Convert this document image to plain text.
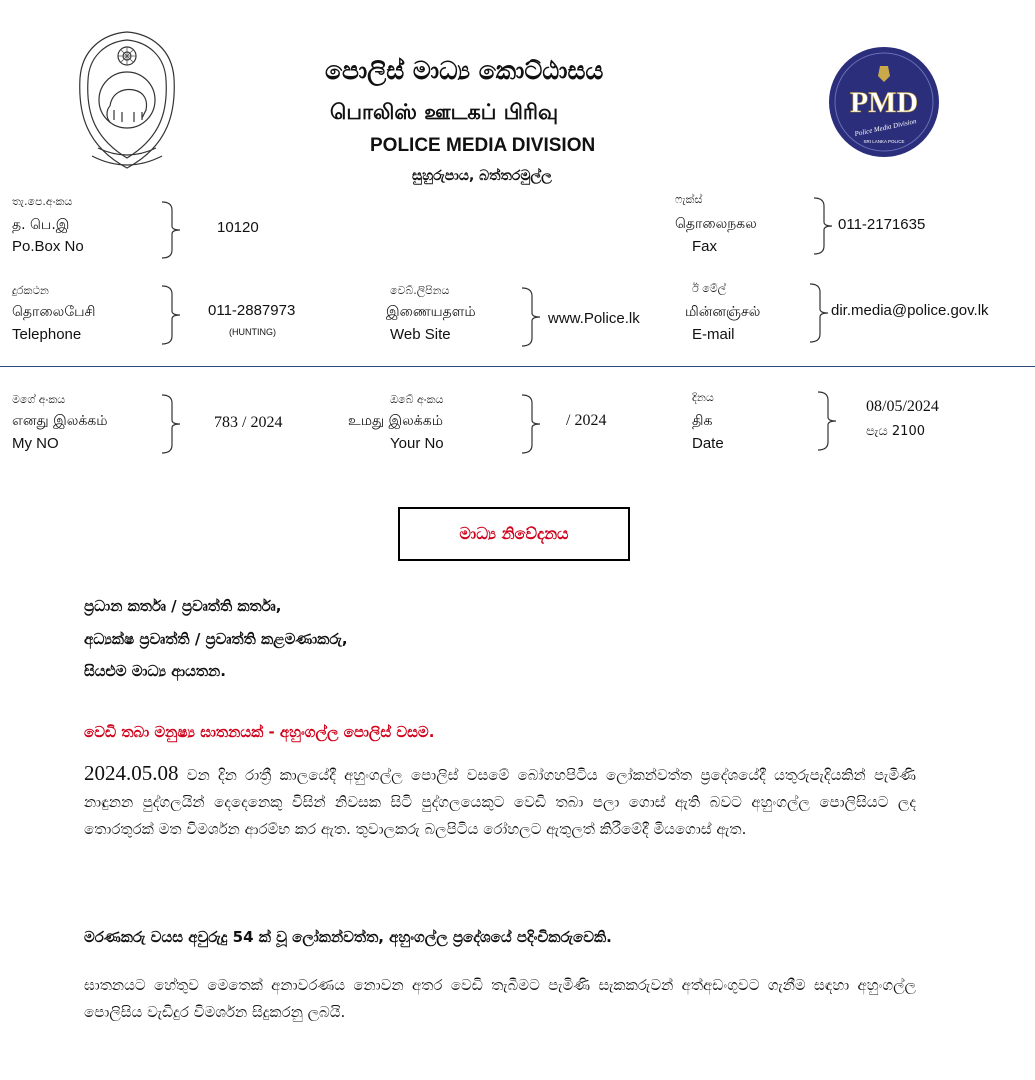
පොලිස් මාධ්‍ය කොට්ඨාසය
பொலிஸ் ஊடகப் பிரிவு
POLICE MEDIA DIVISION
සුහුරුපාය, බත්තරමුල්ල
PMD
Police Media Division
SRI LANKA POLICE
තැ.පෙ.අංකය
த. பெ.இ
Po.Box No
10120
ෆැක්ස්
தொலைநகல
Fax
011-2171635
දුරකථන
தொலைபேசி
Telephone
011-2887973
(HUNTING)
වෙබ්.ලිපිනය
இணையதளம்
Web Site
www.Police.lk
ඊ මේල්
மின்னஞ்சல்
E-mail
dir.media@police.gov.lk
මගේ අංකය
எனது இலக்கம்
My NO
783 / 2024
ඔබේ අංකය
உமது இலக்கம்
Your No
/ 2024
දිනය
திக
Date
08/05/2024
පැය 2100
මාධ්‍ය නිවේදනය
ප්‍රධාන කර්තෘ / ප්‍රවෘත්ති කර්තෘ,
අධ්‍යක්ෂ ප්‍රවෘත්ති / ප්‍රවෘත්ති කළමණාකරු,
සියළුම මාධ්‍ය ආයතන.
වෙඩි තබා මනුෂ්‍ය ඝාතනයක් - අහුංගල්ල පොලිස් වසම.
2024.05.08 වන දින රාත්‍රී කාලයේදී අහුංගල්ල පොලිස් වසමේ බෝගහපිටිය ලෝකන්වත්ත ප්‍රදේශයේදී යතුරුපැදියකින් පැමිණි නාඳුනන පුද්ගලයින් දෙදෙනෙකු විසින් නිවසක සිටි පුද්ගලයෙකුට වෙඩි තබා පලා ගොස් ඇති බවට අහුංගල්ල පොලිසියට ලද තොරතුරක් මත විමර්ශන ආරම්භ කර ඇත. තුවාලකරු බලපිටිය රෝහලට ඇතුලත් කිරීමේදී මියගොස් ඇත.
මරණකරු වයස අවුරුදු 54 ක් වූ ලෝකන්වත්ත, අහුංගල්ල ප්‍රදේශයේ පදිංචිකරුවෙකි.
ඝාතනයට හේතුව මෙතෙක් අනාවරණය නොවන අතර වෙඩි තැබීමට පැමිණි සැකකරුවන් අත්අඩංගුවට ගැනීම සඳහා අහුංගල්ල පොලිසිය වැඩිදුර විමර්ශන සිදුකරනු ලබයි.
